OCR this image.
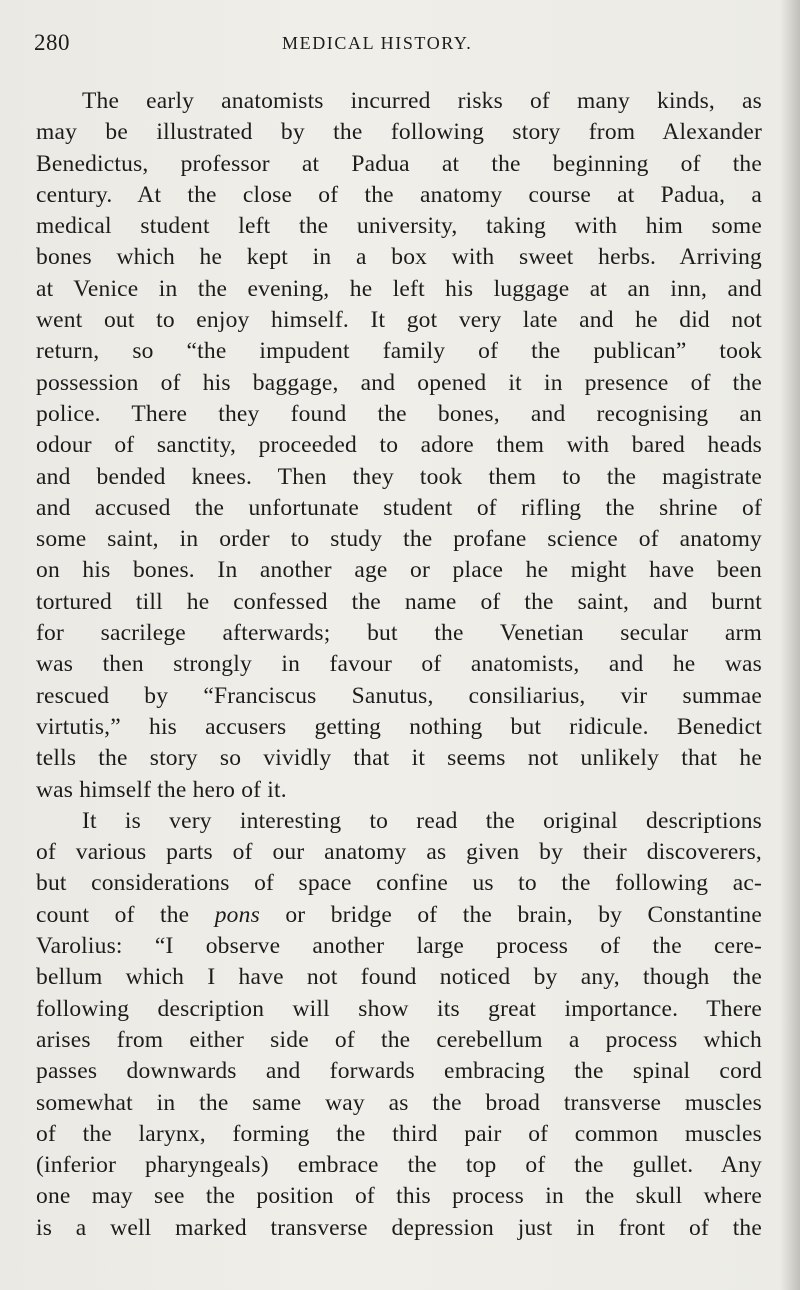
280	MEDICAL HISTORY.
The early anatomists incurred risks of many kinds, as
may be illustrated by the following story from Alexander
Benedictus, professor at Padua at the beginning of the
century. At the close of the anatomy course at Padua, a
medical student left the university, taking with him some
bones which he kept in a box with sweet herbs. Arriving
at Venice in the evening, he left his luggage at an inn, and
went out to enjoy himself. It got very late and he did not
return, so “the impudent family of the publican” took
possession of his baggage, and opened it in presence of the
police. There they found the bones, and recognising an
odour of sanctity, proceeded to adore them with bared heads
and bended knees. Then they took them to the magistrate
and accused the unfortunate student of rifling the shrine of
some saint, in order to study the profane science of anatomy
on his bones. In another age or place he might have been
tortured till he confessed the name of the saint, and burnt
for sacrilege afterwards; but the Venetian secular arm
was then strongly in favour of anatomists, and he was
rescued by “Franciscus Sanutus, consiliarius, vir summae
virtutis,” his accusers getting nothing but ridicule. Benedict
tells the story so vividly that it seems not unlikely that he
was himself the hero of it.
It is very interesting to read the original descriptions
of various parts of our anatomy as given by their discoverers,
but considerations of space confine us to the following ac-
count of the pons or bridge of the brain, by Constantine
Varolius: “I observe another large process of the cere-
bellum which I have not found noticed by any, though the
following description will show its great importance. There
arises from either side of the cerebellum a process which
passes downwards and forwards embracing the spinal cord
somewhat in the same way as the broad transverse muscles
of the larynx, forming the third pair of common muscles
(inferior pharyngeals) embrace the top of the gullet. Any
one may see the position of this process in the skull where
is a well marked transverse depression just in front of the
